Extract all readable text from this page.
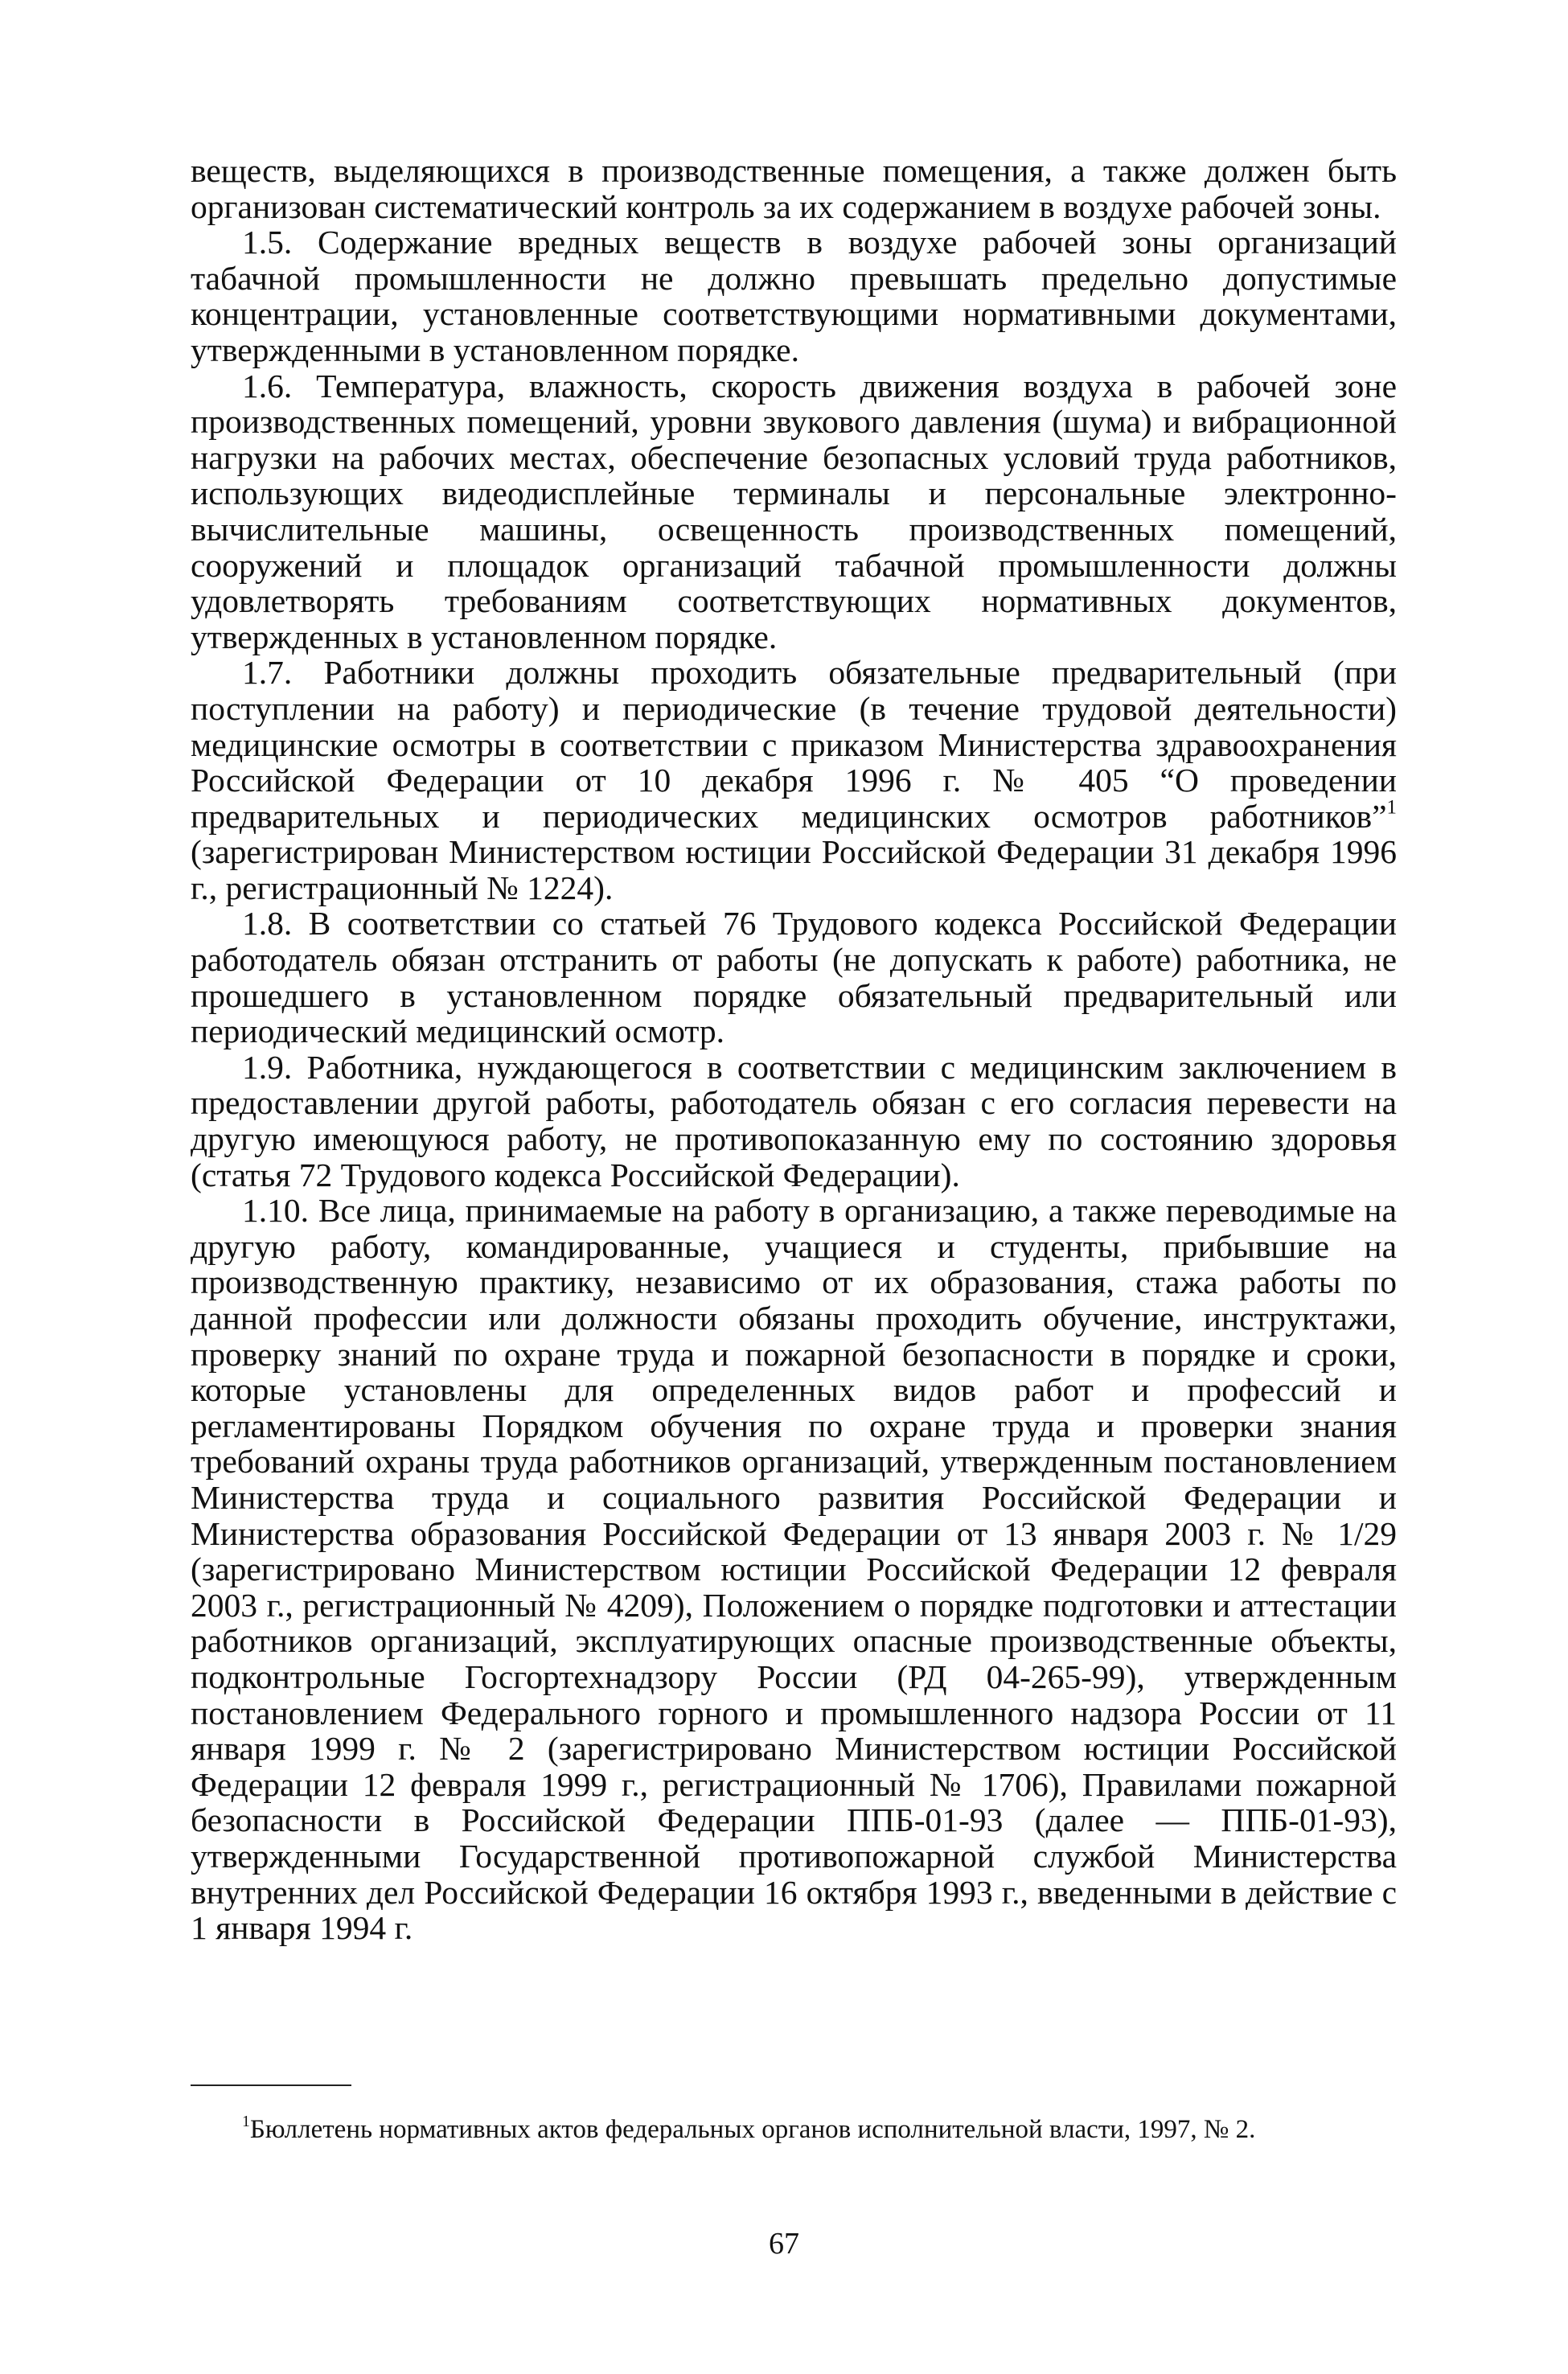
веществ, выделяющихся в производственные помещения, а также должен быть организован систематический контроль за их содержанием в воздухе рабочей зоны.

1.5. Содержание вредных веществ в воздухе рабочей зоны организаций табачной промышленности не должно превышать предельно допустимые концентрации, установленные соответствующими нормативными документами, утвержденными в установленном порядке.

1.6. Температура, влажность, скорость движения воздуха в рабочей зоне производственных помещений, уровни звукового давления (шума) и вибрационной нагрузки на рабочих местах, обеспечение безопасных условий труда работников, использующих видеодисплейные терминалы и персональные электронно-вычислительные машины, освещенность производственных помещений, сооружений и площадок организаций табачной промышленности должны удовлетворять требованиям соответствующих нормативных документов, утвержденных в установленном порядке.

1.7. Работники должны проходить обязательные предварительный (при поступлении на работу) и периодические (в течение трудовой деятельности) медицинские осмотры в соответствии с приказом Министерства здравоохранения Российской Федерации от 10 декабря 1996 г. № 405 “О проведении предварительных и периодических медицинских осмотров работников”$^1$ (зарегистрирован Министерством юстиции Российской Федерации 31 декабря 1996 г., регистрационный № 1224).

1.8. В соответствии со статьей 76 Трудового кодекса Российской Федерации работодатель обязан отстранить от работы (не допускать к работе) работника, не прошедшего в установленном порядке обязательный предварительный или периодический медицинский осмотр.

1.9. Работника, нуждающегося в соответствии с медицинским заключением в предоставлении другой работы, работодатель обязан с его согласия перевести на другую имеющуюся работу, не противопоказанную ему по состоянию здоровья (статья 72 Трудового кодекса Российской Федерации).

1.10. Все лица, принимаемые на работу в организацию, а также переводимые на другую работу, командированные, учащиеся и студенты, прибывшие на производственную практику, независимо от их образования, стажа работы по данной профессии или должности обязаны проходить обучение, инструктажи, проверку знаний по охране труда и пожарной безопасности в порядке и сроки, которые установлены для определенных видов работ и профессий и регламентированы Порядком обучения по охране труда и проверки знания требований охраны труда работников организаций, утвержденным постановлением Министерства труда и социального развития Российской Федерации и Министерства образования Российской Федерации от 13 января 2003 г. № 1/29 (зарегистрировано Министерством юстиции Российской Федерации 12 февраля 2003 г., регистрационный № 4209), Положением о порядке подготовки и аттестации работников организаций, эксплуатирующих опасные производственные объекты, подконтрольные Госгортехнадзору России (РД 04-265-99), утвержденным постановлением Федерального горного и промышленного надзора России от 11 января 1999 г. № 2 (зарегистрировано Министерством юстиции Российской Федерации 12 февраля 1999 г., регистрационный № 1706), Правилами пожарной безопасности в Российской Федерации ППБ-01-93 (далее — ППБ-01-93), утвержденными Государственной противопожарной службой Министерства внутренних дел Российской Федерации 16 октября 1993 г., введенными в действие с 1 января 1994 г.

$^1$Бюллетень нормативных актов федеральных органов исполнительной власти, 1997, № 2.

67
